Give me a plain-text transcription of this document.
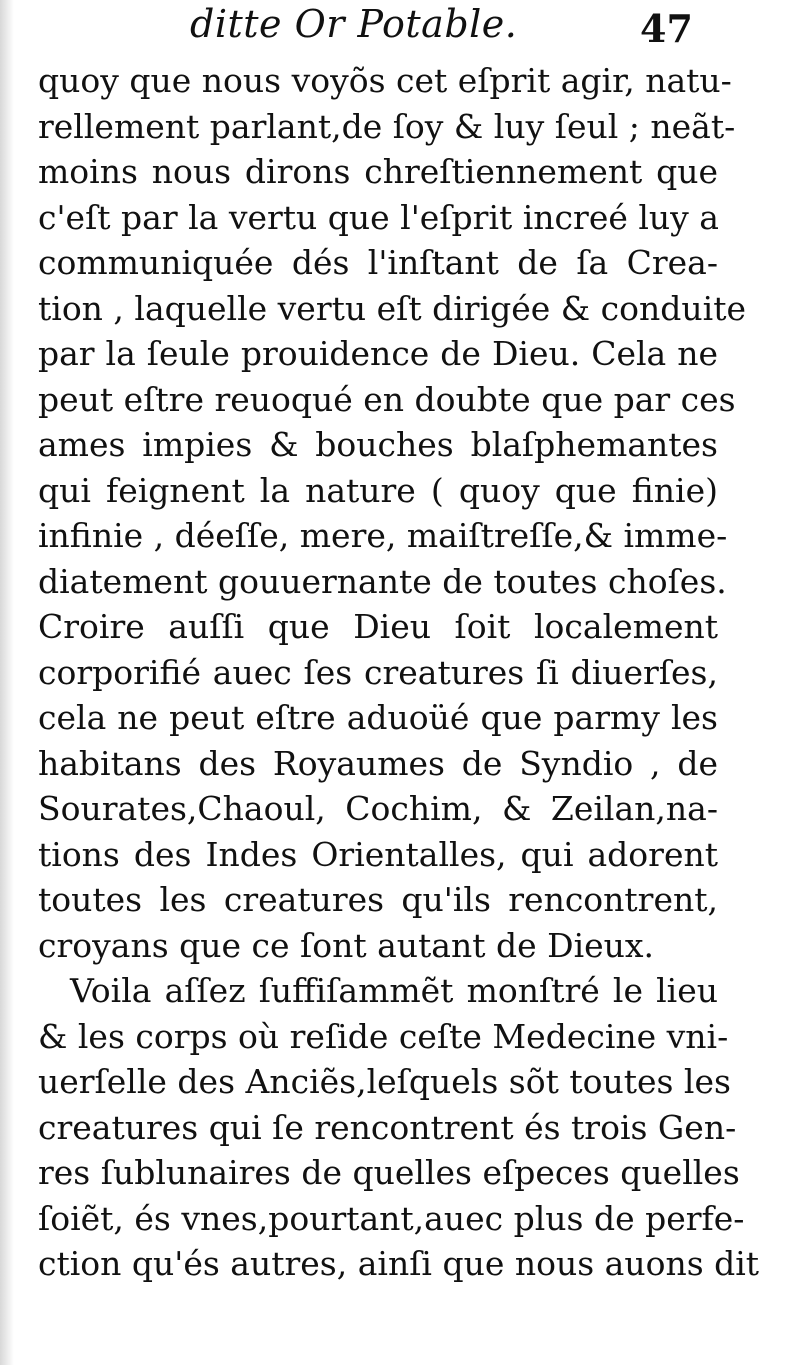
ditte Or Potable.	47
quoy que nous voyõs cet eſprit agir, natu-
rellement parlant,de ſoy & luy ſeul ; neãt-
moins nous dirons chreſtiennement que
c'eſt par la vertu que l'eſprit increé luy a
communiquée dés l'inſtant de ſa Crea-
tion , laquelle vertu eſt dirigée & conduite
par la ſeule prouidence de Dieu. Cela ne
peut eſtre reuoqué en doubte que par ces
ames impies & bouches blaſphemantes
qui feignent la nature ( quoy que finie)
infinie , déeſſe, mere, maiſtreſſe,& imme-
diatement gouuernante de toutes choſes.
Croire auſſi que Dieu ſoit localement
corporifié auec ſes creatures ſi diuerſes,
cela ne peut eſtre aduoüé que parmy les
habitans des Royaumes de Syndio , de
Sourates,Chaoul, Cochim, & Zeilan,na-
tions des Indes Orientalles, qui adorent
toutes les creatures qu'ils rencontrent,
croyans que ce ſont autant de Dieux.
Voila aſſez ſuffiſammẽt monſtré le lieu
& les corps où reſide ceſte Medecine vni-
uerſelle des Anciẽs,leſquels sõt toutes les
creatures qui ſe rencontrent és trois Gen-
res ſublunaires de quelles eſpeces quelles
ſoiẽt, és vnes,pourtant,auec plus de perfe-
ction qu'és autres, ainſi que nous auons dit
